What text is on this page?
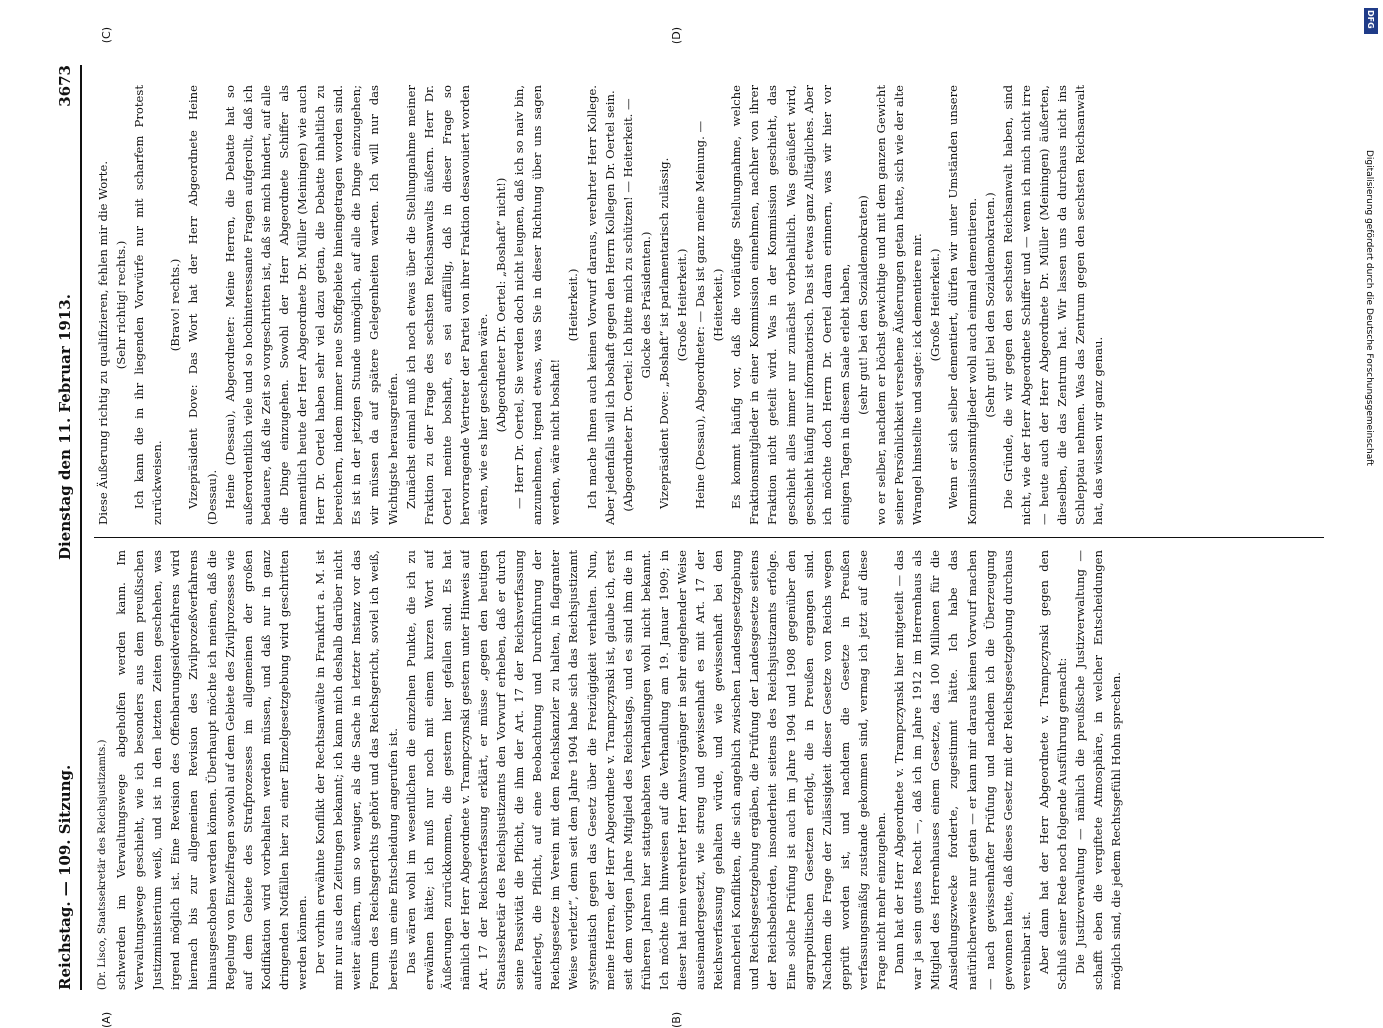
Reichstag. — 109. Sitzung.
Dienstag den 11. Februar 1913.
3673
(A)	(B)
(C)	(D)

(Dr. Lisco, Staatssekretär des Reichsjustizamts.) schwerden im Verwaltungswege abgeholfen werden kann. Im Verwaltungswege geschieht, wie ich besonders aus dem preußischen Justizministerium weiß, und ist in den letzten Zeiten geschehen, was irgend möglich ist. Eine Revision des Offenbarungseidverfahrens wird hiernach bis zur allgemeinen Revision des Zivilprozeßverfahrens hinausgeschoben werden können. Überhaupt möchte ich meinen, daß die Regelung von Einzelfragen sowohl auf dem Gebiete des Zivilprozesses wie auf dem Gebiete des Strafprozesses im allgemeinen der großen Kodifikation wird vorbehalten werden müssen, und daß nur in ganz dringenden Notfällen hier zu einer Einzelgesetzgebung wird geschritten werden können. Der vorhin erwähnte Konflikt der Rechtsanwälte in Frankfurt a. M. ist mir nur aus den Zeitungen bekannt; ich kann mich deshalb darüber nicht weiter äußern, um so weniger, als die Sache in letzter Instanz vor das Forum des Reichsgerichts gehört und das Reichsgericht, soviel ich weiß, bereits um eine Entscheidung angerufen ist. Das wären wohl im wesentlichen die einzelnen Punkte, die ich zu erwähnen hätte; ich muß nur noch mit einem kurzen Wort auf Äußerungen zurückkommen, die gestern hier gefallen sind. Es hat nämlich der Herr Abgeordnete v. Trampczynski gestern unter Hinweis auf Art. 17 der Reichsverfassung erklärt, er müsse „gegen den heutigen Staatssekretär des Reichsjustizamts den Vorwurf erheben, daß er durch seine Passivität die Pflicht, die ihm der Art. 17 der Reichsverfassung auferlegt, die Pflicht, auf eine Beobachtung und Durchführung der Reichsgesetze im Verein mit dem Reichskanzler zu halten, in flagranter Weise verletzt“, denn seit dem Jahre 1904 habe sich das Reichsjustizamt systematisch gegen das Gesetz über die Freizügigkeit verhalten. Nun, meine Herren, der Herr Abgeordnete v. Trampczynski ist, glaube ich, erst seit dem vorigen Jahre Mitglied des Reichstags, und es sind ihm die in früheren Jahren hier stattgehabten Verhandlungen wohl nicht bekannt. Ich möchte ihn hinweisen auf die Verhandlung am 19. Januar 1909; in dieser hat mein verehrter Herr Amtsvorgänger in sehr eingehender Weise auseinandergesetzt, wie streng und gewissenhaft es mit Art. 17 der Reichsverfassung gehalten würde, und wie gewissenhaft bei den mancherlei Konflikten, die sich angeblich zwischen Landesgesetzgebung und Reichsgesetzgebung ergäben, die Prüfung der Landesgesetze seitens der Reichsbehörden, insonderheit seitens des Reichsjustizamts erfolge. Eine solche Prüfung ist auch im Jahre 1904 und 1908 gegenüber den agrarpolitischen Gesetzen erfolgt, die in Preußen ergangen sind. Nachdem die Frage der Zulässigkeit dieser Gesetze von Reichs wegen geprüft worden ist, und nachdem die Gesetze in Preußen verfassungsmäßig zustande gekommen sind, vermag ich jetzt auf diese Frage nicht mehr einzugehen. Dann hat der Herr Abgeordnete v. Trampczynski hier mitgeteilt — das war ja sein gutes Recht —, daß ich im Jahre 1912 im Herrenhaus als Mitglied des Herrenhauses einem Gesetze, das 100 Millionen für die Ansiedlungszwecke forderte, zugestimmt hätte. Ich habe das natürlicherweise nur getan — er kann mir daraus keinen Vorwurf machen — nach gewissenhafter Prüfung und nachdem ich die Überzeugung gewonnen hatte, daß dieses Gesetz mit der Reichsgesetzgebung durchaus vereinbar ist. Aber dann hat der Herr Abgeordnete v. Trampczynski gegen den Schluß seiner Rede noch folgende Ausführung gemacht: Die Justizverwaltung — nämlich die preußische Justizverwaltung — schafft eben die vergiftete Atmosphäre, in welcher Entscheidungen möglich sind, die jedem Rechtsgefühl Hohn sprechen.

Diese Äußerung richtig zu qualifizieren, fehlen mir die Worte. (Sehr richtig! rechts.) Ich kann die in ihr liegenden Vorwürfe nur mit scharfem Protest zurückweisen.

(Bravo! rechts.) Vizepräsident Dove: Das Wort hat der Herr Abgeordnete Heine (Dessau). Heine (Dessau), Abgeordneter: Meine Herren, die Debatte hat so außerordentlich viele und so hochinteressante Fragen aufgerollt, daß ich bedauere, daß die Zeit so vorgeschritten ist, daß sie mich hindert, auf alle die Dinge einzugehen. Sowohl der Herr Abgeordnete Schiffer als namentlich heute der Herr Abgeordnete Dr. Müller (Meiningen) wie auch Herr Dr. Oertel haben sehr viel dazu getan, die Debatte inhaltlich zu bereichern, indem immer neue Stoffgebiete hineingetragen worden sind. Es ist in der jetzigen Stunde unmöglich, auf alle die Dinge einzugehen; wir müssen da auf spätere Gelegenheiten warten. Ich will nur das Wichtigste herausgreifen. Zunächst einmal muß ich noch etwas über die Stellungnahme meiner Fraktion zu der Frage des sechsten Reichsanwalts äußern. Herr Dr. Oertel meinte boshaft, es sei auffällig, daß in dieser Frage so hervorragende Vertreter der Partei von ihrer Fraktion desavouiert worden wären, wie es hier geschehen wäre. (Abgeordneter Dr. Oertel: „Boshaft“ nicht!) — Herr Dr. Oertel, Sie werden doch nicht leugnen, daß ich so naiv bin, anzunehmen, irgend etwas, was Sie in dieser Richtung über uns sagen werden, wäre nicht boshaft!

(Heiterkeit.) Ich mache Ihnen auch keinen Vorwurf daraus, verehrter Herr Kollege. Aber jedenfalls will ich boshaft gegen den Herrn Kollegen Dr. Oertel sein. (Abgeordneter Dr. Oertel: Ich bitte mich zu schützen! — Heiterkeit. — Glocke des Präsidenten.) Vizepräsident Dove: „Boshaft“ ist parlamentarisch zulässig. (Große Heiterkeit.) Heine (Dessau), Abgeordneter: — Das ist ganz meine Meinung. — (Heiterkeit.) Es kommt häufig vor, daß die vorläufige Stellungnahme, welche Fraktionsmitglieder in einer Kommission einnehmen, nachher von ihrer Fraktion nicht geteilt wird. Was in der Kommission geschieht, das geschieht alles immer nur zunächst vorbehaltlich. Was geäußert wird, geschieht häufig nur informatorisch. Das ist etwas ganz Alltägliches. Aber ich möchte doch Herrn Dr. Oertel daran erinnern, was wir hier vor einigen Tagen in diesem Saale erlebt haben, (sehr gut! bei den Sozialdemokraten) wo er selber, nachdem er höchst gewichtige und mit dem ganzen Gewicht seiner Persönlichkeit versehene Äußerungen getan hatte, sich wie der alte Wrangel hinstellte und sagte: ick dementiere mir. (Große Heiterkeit.) Wenn er sich selber dementiert, dürfen wir unter Umständen unsere Kommissionsmitglieder wohl auch einmal dementieren. (Sehr gut! bei den Sozialdemokraten.) Die Gründe, die wir gegen den sechsten Reichsanwalt haben, sind nicht, wie der Herr Abgeordnete Schiffer und — wenn ich mich nicht irre — heute auch der Herr Abgeordnete Dr. Müller (Meiningen) äußerten, dieselben, die das Zentrum hat. Wir lassen uns da durchaus nicht ins Schlepptau nehmen. Was das Zentrum gegen den sechsten Reichsanwalt hat, das wissen wir ganz genau.

DFG
Digitalisierung gefördert durch die Deutsche Forschungsgemeinschaft
